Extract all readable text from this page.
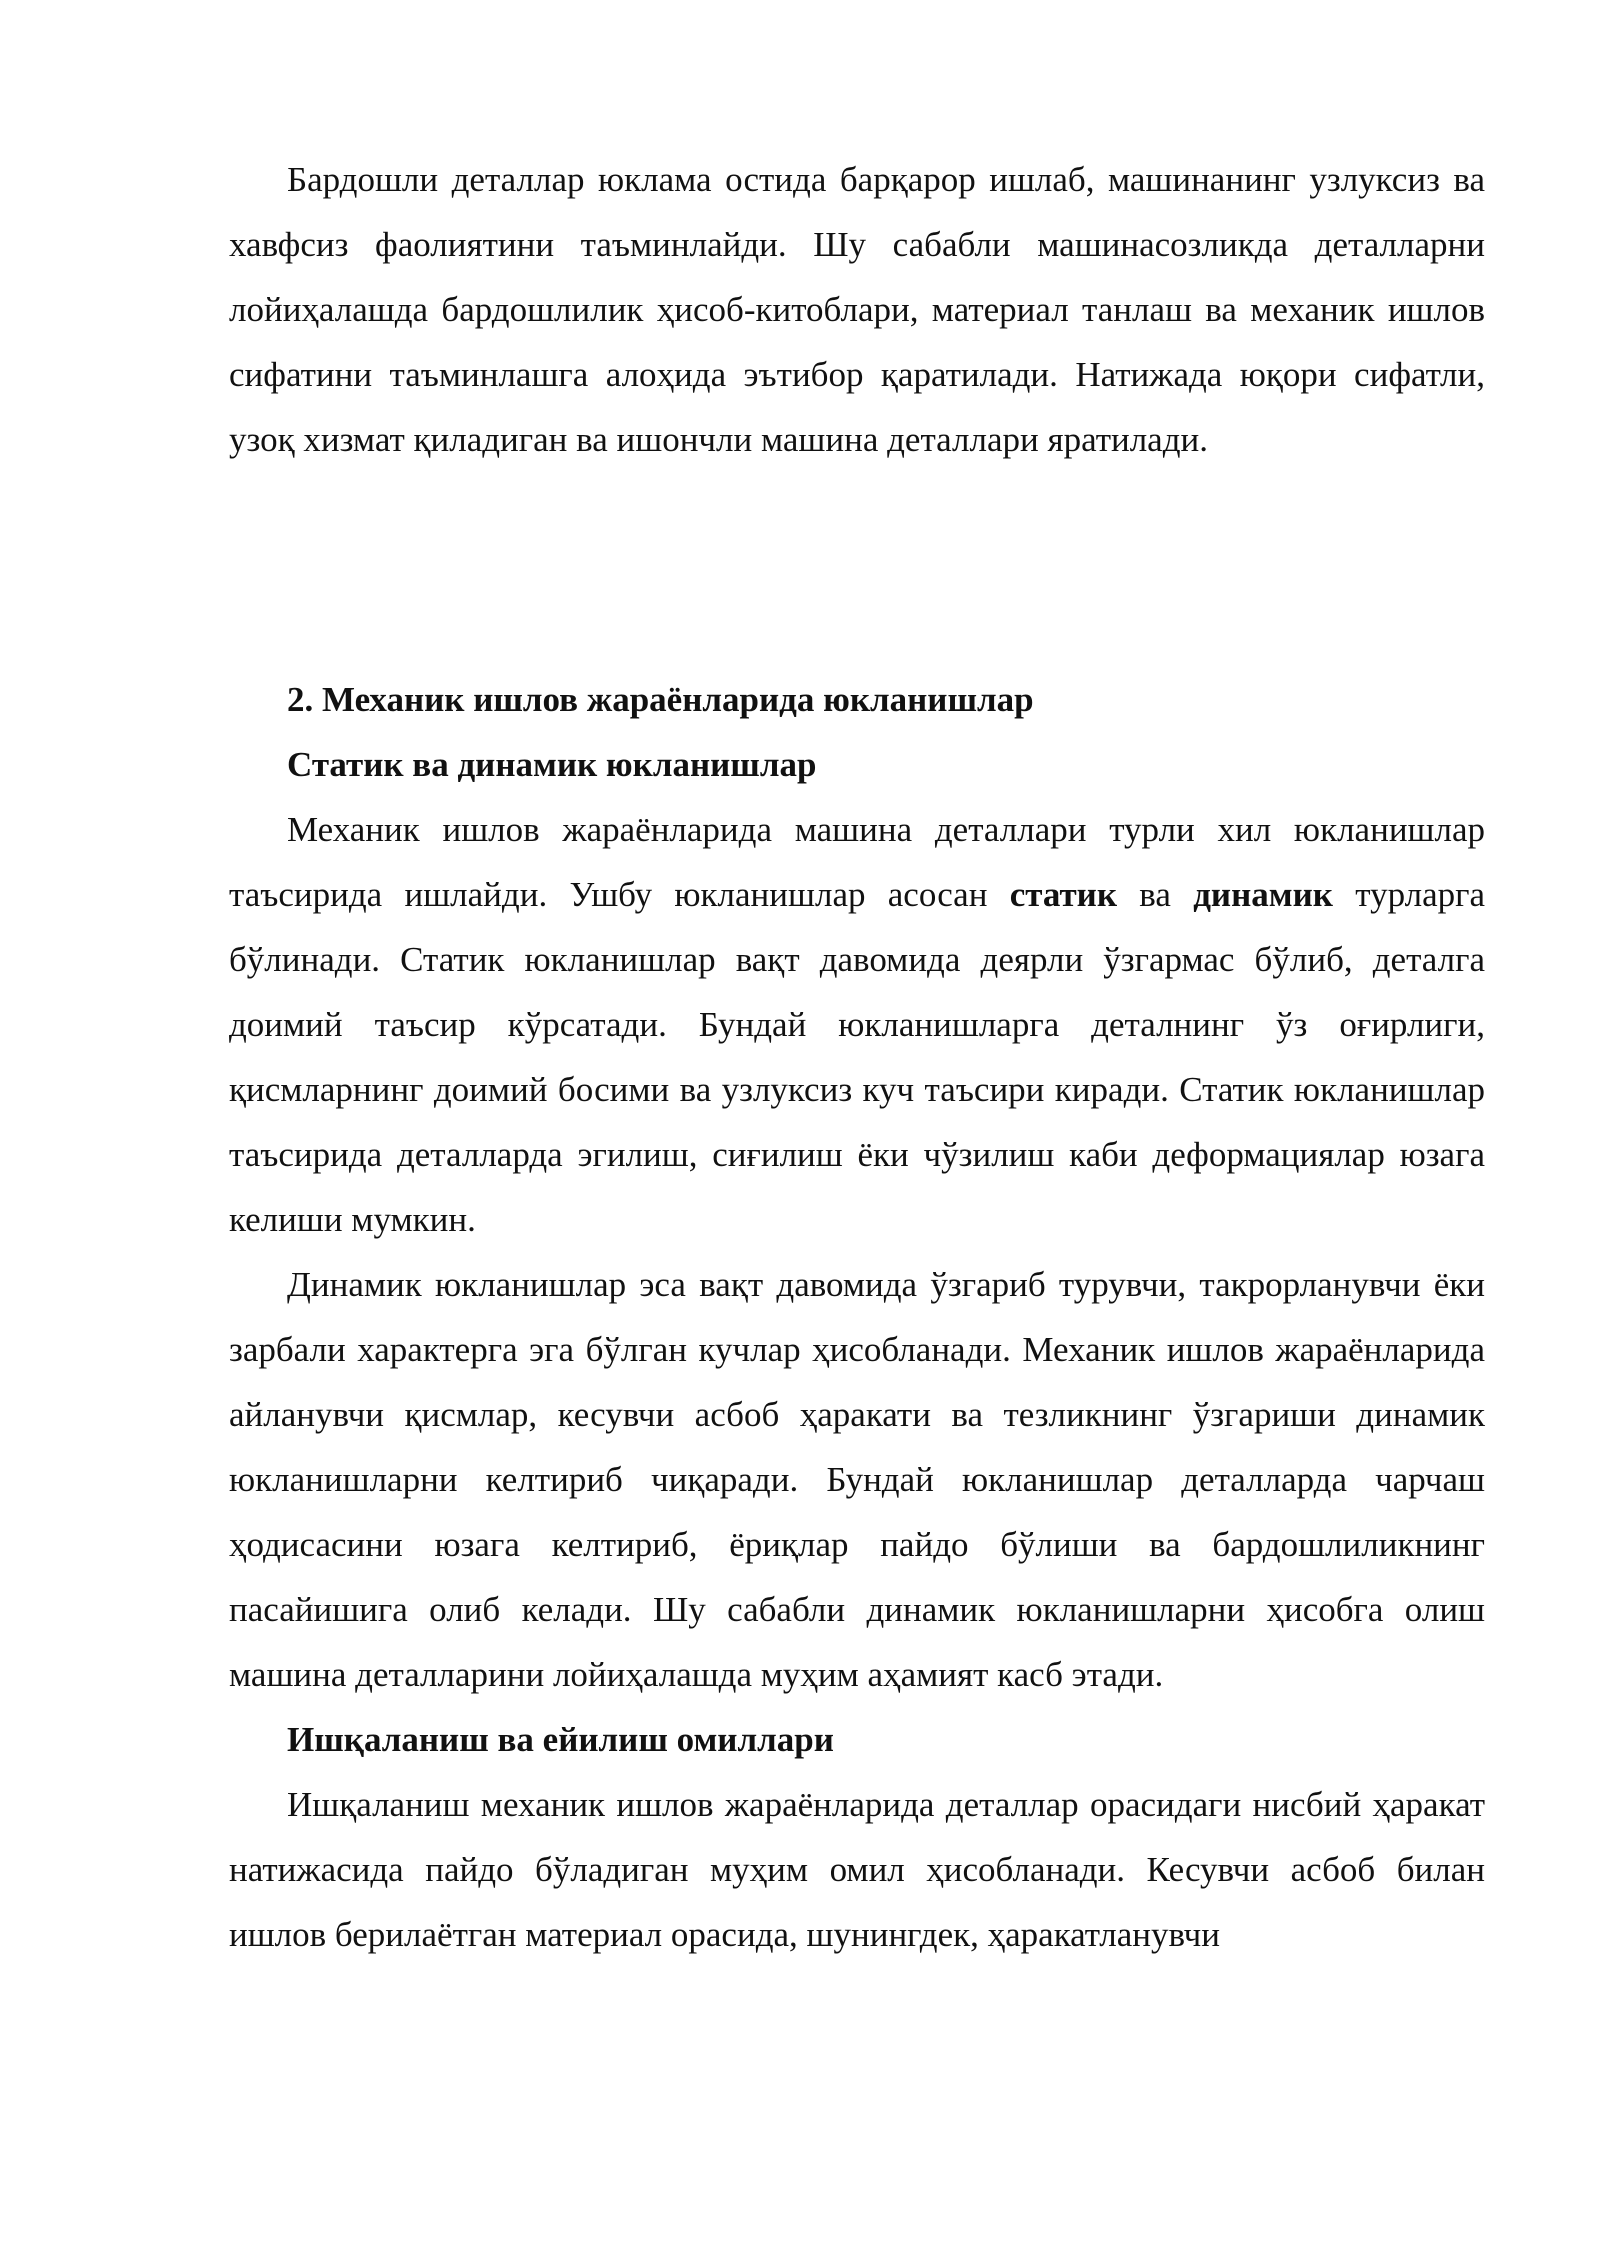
Бардошли деталлар юклама остида барқарор ишлаб, машинанинг узлуксиз ва хавфсиз фаолиятини таъминлайди. Шу сабабли машинасозликда деталларни лойиҳалашда бардошлилик ҳисоб-китоблари, материал танлаш ва механик ишлов сифатини таъминлашга алоҳида эътибор қаратилади. Натижада юқори сифатли, узоқ хизмат қиладиган ва ишончли машина деталлари яратилади.

2. Механик ишлов жараёнларида юкланишлар
Статик ва динамик юкланишлар

Механик ишлов жараёнларида машина деталлари турли хил юкланишлар таъсирида ишлайди. Ушбу юкланишлар асосан статик ва динамик турларга бўлинади. Статик юкланишлар вақт давомида деярли ўзгармас бўлиб, деталга доимий таъсир кўрсатади. Бундай юкланишларга деталнинг ўз оғирлиги, қисмларнинг доимий босими ва узлуксиз куч таъсири киради. Статик юкланишлар таъсирида деталларда эгилиш, сиғилиш ёки чўзилиш каби деформациялар юзага келиши мумкин.

Динамик юкланишлар эса вақт давомида ўзгариб турувчи, такрорланувчи ёки зарбали характерга эга бўлган кучлар ҳисобланади. Механик ишлов жараёнларида айланувчи қисмлар, кесувчи асбоб ҳаракати ва тезликнинг ўзгариши динамик юкланишларни келтириб чиқаради. Бундай юкланишлар деталларда чарчаш ҳодисасини юзага келтириб, ёриқлар пайдо бўлиши ва бардошлиликнинг пасайишига олиб келади. Шу сабабли динамик юкланишларни ҳисобга олиш машина деталларини лойиҳалашда муҳим аҳамият касб этади.

Ишқаланиш ва ейилиш омиллари

Ишқаланиш механик ишлов жараёнларида деталлар орасидаги нисбий ҳаракат натижасида пайдо бўладиган муҳим омил ҳисобланади. Кесувчи асбоб билан ишлов берилаётган материал орасида, шунингдек, ҳаракатланувчи
